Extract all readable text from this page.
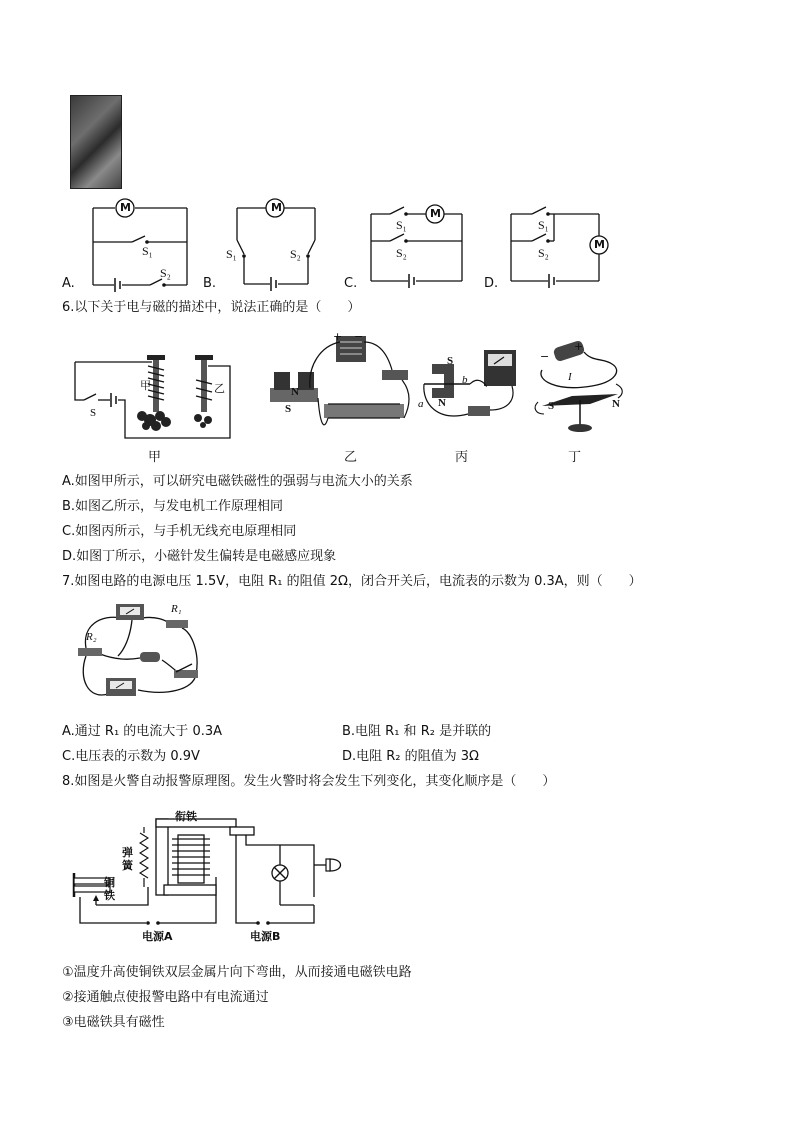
M
S₁
S₂
A.
M
S₁	S₂
B.
M
S₁
S₂
C.
M
S₁
S₂
D.
6.以下关于电与磁的描述中，说法正确的是（　　）
甲	乙
S
+ −
N
S
S
N
a
b
−
+
I
S	N
甲	乙	丙	丁
A.如图甲所示，可以研究电磁铁磁性的强弱与电流大小的关系
B.如图乙所示，与发电机工作原理相同
C.如图丙所示，与手机无线充电原理相同
D.如图丁所示，小磁针发生偏转是电磁感应现象
7.如图电路的电源电压 1.5V，电阻 R₁ 的阻值 2Ω，闭合开关后，电流表的示数为 0.3A，则（　　）
R₁
R₂
A.通过 R₁ 的电流大于 0.3A	B.电阻 R₁ 和 R₂ 是并联的
C.电压表的示数为 0.9V	D.电阻 R₂ 的阻值为 3Ω
8.如图是火警自动报警原理图。发生火警时将会发生下列变化，其变化顺序是（　　）
衔铁
弹簧
铜铁
电源A	电源B
①温度升高使铜铁双层金属片向下弯曲，从而接通电磁铁电路
②接通触点使报警电路中有电流通过
③电磁铁具有磁性
